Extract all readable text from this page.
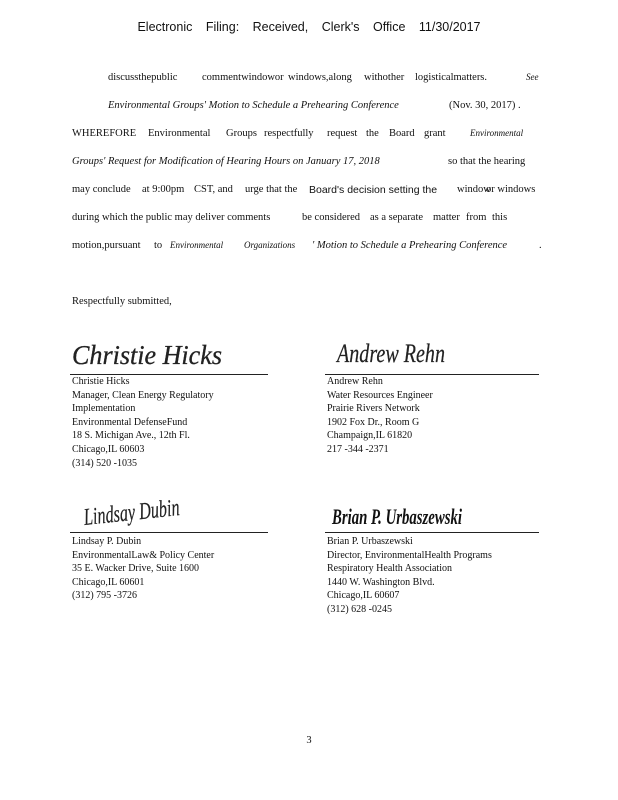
Electronic Filing: Received, Clerk's Office 11/30/2017
discussthepublic commentwindowor windows,along withother logisticalmatters.	See
Environmental Groups' Motion to Schedule a Prehearing Conference	(Nov. 30, 2017) .
WHEREFORE Environmental Groups respectfully request the Board grant	Environmental
Groups' Request for Modification of Hearing Hours on January 17, 2018	so that the hearing
may conclude at 9:00pm CST, and urge that the Board's decision setting the window
or windows
during which the public may deliver comments	be considered as a separate matter from this
motion,pursuant to Environmental Organizations ' Motion to Schedule a Prehearing Conference	.
Respectfully submitted,
Christie Hicks
Christie Hicks
Manager, Clean Energy Regulatory
Implementation
Environmental DefenseFund
18 S. Michigan Ave., 12th Fl.
Chicago,IL 60603
(314) 520 -1035
Andrew Rehn
Andrew Rehn
Water Resources Engineer
Prairie Rivers Network
1902 Fox Dr., Room G
Champaign,IL 61820
217 -344 -2371
Lindsay Dubin
Lindsay P. Dubin
EnvironmentalLaw& Policy Center
35 E. Wacker Drive, Suite 1600
Chicago,IL 60601
(312) 795 -3726
Brian P. Urbaszewski
Brian P. Urbaszewski
Director, EnvironmentalHealth Programs
Respiratory Health Association
1440 W. Washington Blvd.
Chicago,IL 60607
(312) 628 -0245
3
